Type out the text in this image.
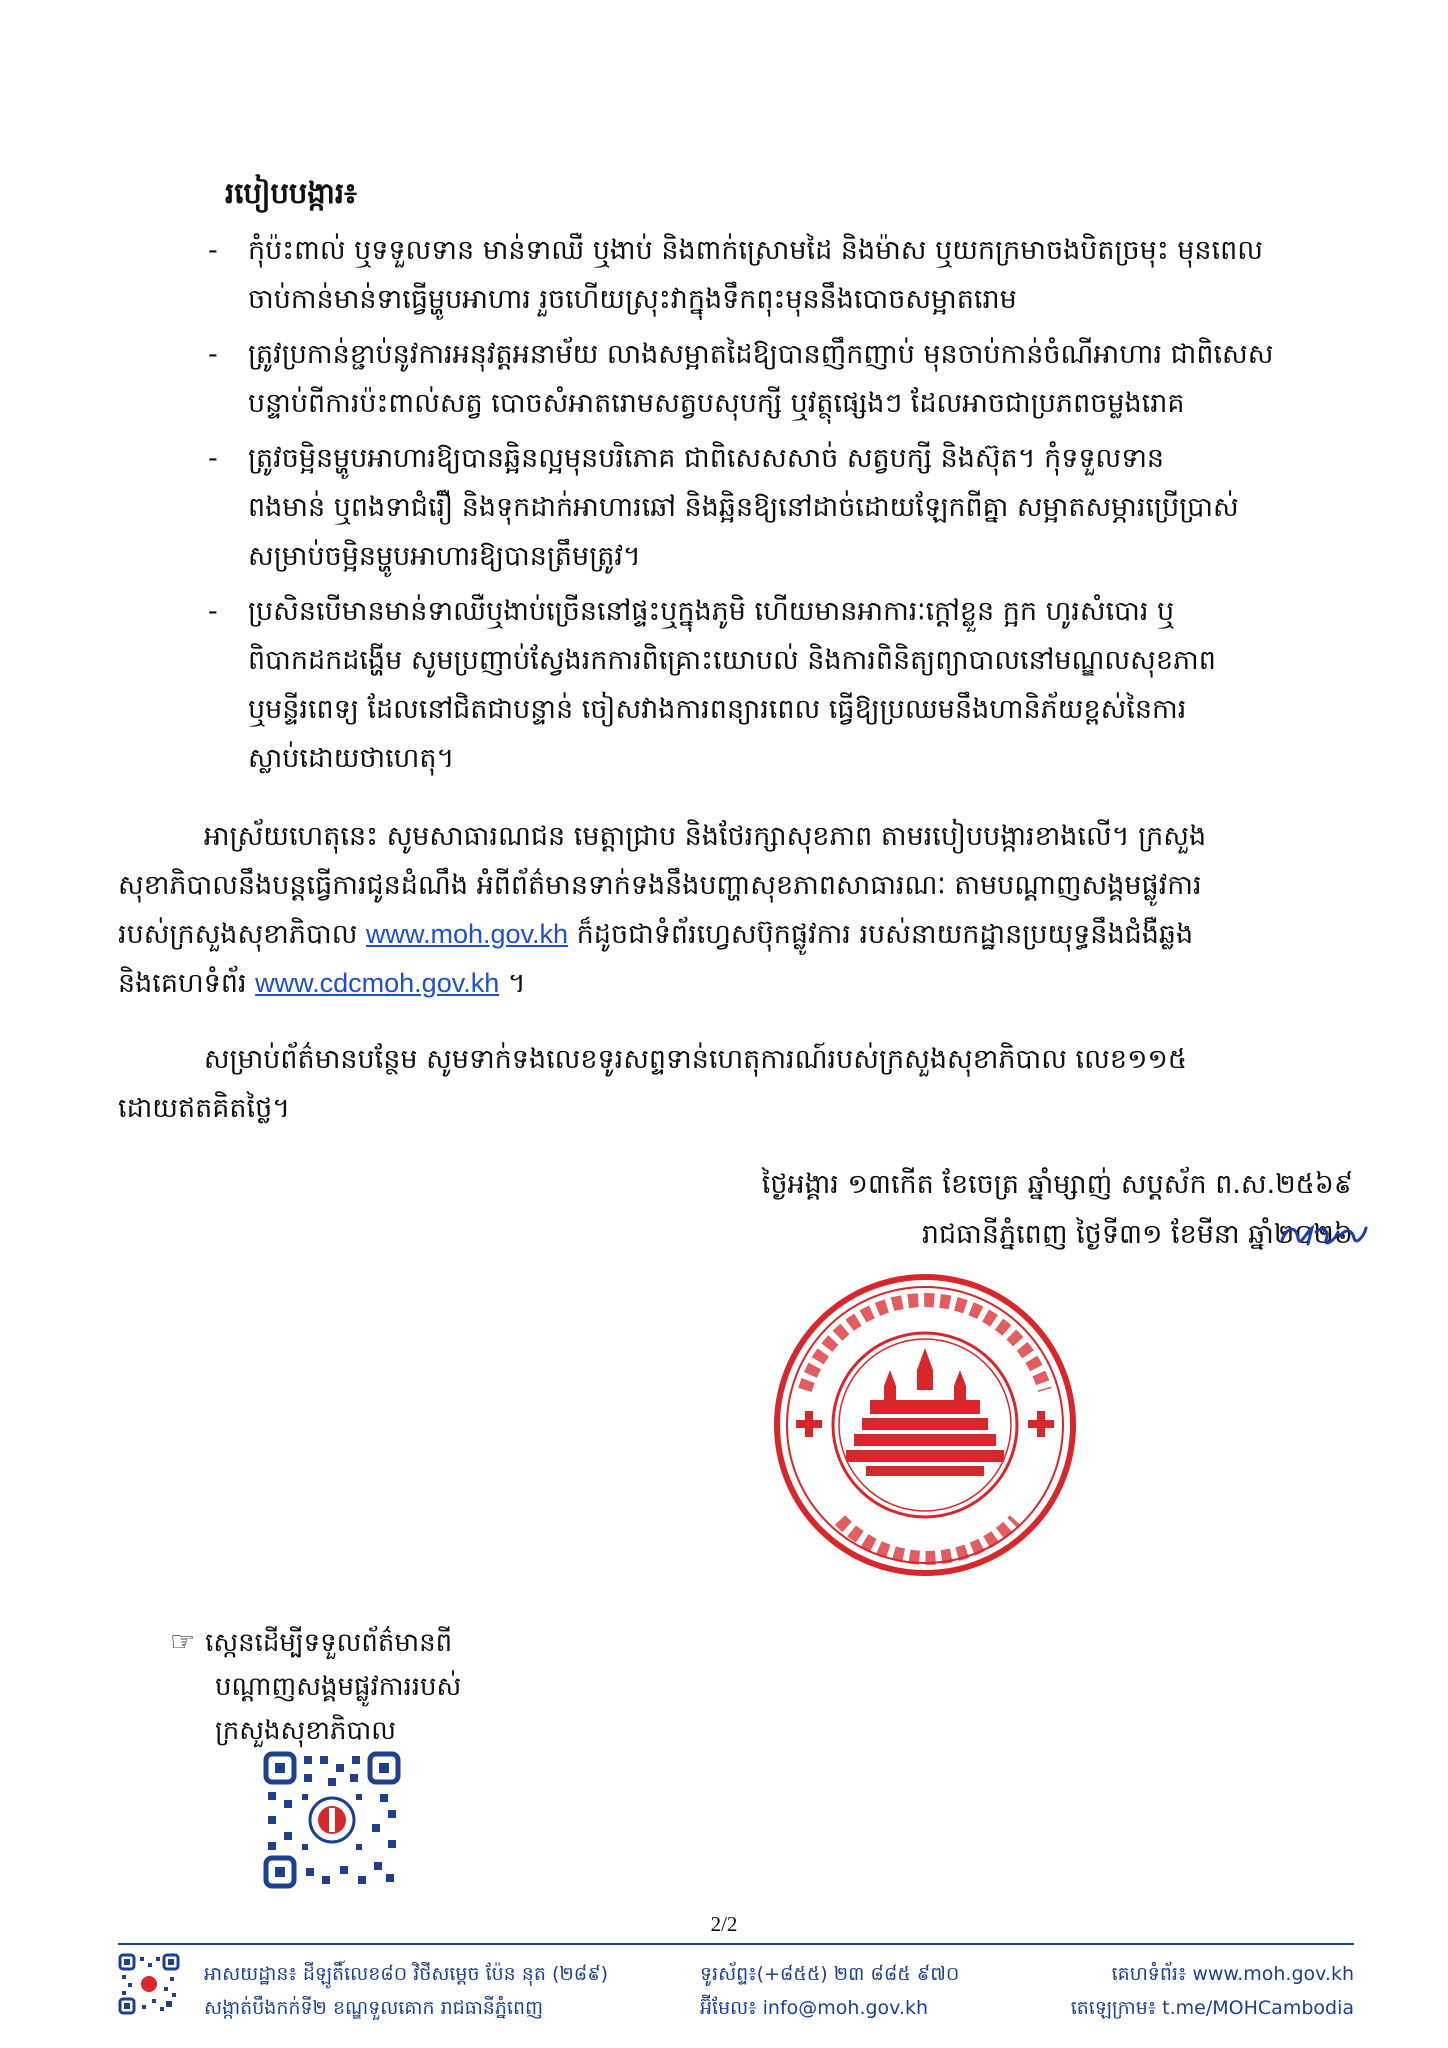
របៀបបង្ការ៖
- កុំប៉ះពាល់ ឬទទួលទាន មាន់ទាឈឺ ឬងាប់ និងពាក់ស្រោមដៃ និងម៉ាស ឬយកក្រមាចងបិតច្រមុះ មុនពេល
ចាប់កាន់មាន់ទាធ្វើម្ហូបអាហារ រួចហើយស្រុះវាក្នុងទឹកពុះមុននឹងបោចសម្អាតរោម
- ត្រូវប្រកាន់ខ្ជាប់នូវការអនុវត្តអនាម័យ លាងសម្អាតដៃឱ្យបានញឹកញាប់ មុនចាប់កាន់ចំណីអាហារ ជាពិសេស
បន្ទាប់ពីការប៉ះពាល់សត្វ បោចសំអាតរោមសត្វបសុបក្សី ឬវត្ថុផ្សេងៗ ដែលអាចជាប្រភពចម្លងរោគ
- ត្រូវចម្អិនម្ហូបអាហារឱ្យបានឆ្អិនល្អមុនបរិភោគ ជាពិសេសសាច់ សត្វបក្សី និងស៊ុត។ កុំទទួលទាន
ពងមាន់ ឬពងទាជំរ៉ឿ និងទុកដាក់អាហារឆៅ និងឆ្អិនឱ្យនៅដាច់ដោយឡែកពីគ្នា សម្អាតសម្ភារប្រើប្រាស់
សម្រាប់ចម្អិនម្ហូបអាហារឱ្យបានត្រឹមត្រូវ។
- ប្រសិនបើមានមាន់ទាឈឺឬងាប់ច្រើននៅផ្ទះឬក្នុងភូមិ ហើយមានអាការៈក្តៅខ្លួន ក្អក ហូរសំបោរ ឬ
ពិបាកដកដង្ហើម សូមប្រញាប់ស្វែងរកការពិគ្រោះយោបល់ និងការពិនិត្យព្យាបាលនៅមណ្ឌលសុខភាព
ឬមន្ទីរពេទ្យ ដែលនៅជិតជាបន្ទាន់ ចៀសវាងការពន្យារពេល ធ្វើឱ្យប្រឈមនឹងហានិភ័យខ្ពស់នៃការ
ស្លាប់ដោយថាហេតុ។
អាស្រ័យហេតុនេះ សូមសាធារណជន មេត្តាជ្រាប និងថែរក្សាសុខភាព តាមរបៀបបង្ការខាងលើ។ ក្រសួង
សុខាភិបាលនឹងបន្តធ្វើការជូនដំណឹង អំពីព័ត៌មានទាក់ទងនឹងបញ្ហាសុខភាពសាធារណៈ តាមបណ្តាញសង្គមផ្លូវការ
របស់ក្រសួងសុខាភិបាល www.moh.gov.kh ក៏ដូចជាទំព័រហ្វេសប៊ុកផ្លូវការ របស់នាយកដ្ឋានប្រយុទ្ធនឹងជំងឺឆ្លង
និងគេហទំព័រ www.cdcmoh.gov.kh ។
សម្រាប់ព័ត៌មានបន្ថែម សូមទាក់ទងលេខទូរសព្ទទាន់ហេតុការណ៍របស់ក្រសួងសុខាភិបាល លេខ១១៥
ដោយឥតគិតថ្លៃ។
ថ្ងៃអង្គារ ១៣កើត ខែចេត្រ ឆ្នាំម្សាញ់ សប្តស័ក ព.ស.២៥៦៩
រាជធានីភ្នំពេញ ថ្ងៃទី៣១ ខែមីនា ឆ្នាំ២០២៦
☞ ស្កេនដើម្បីទទួលព័ត៌មានពី
បណ្តាញសង្គមផ្លូវការរបស់
ក្រសួងសុខាភិបាល
2/2
អាសយដ្ឋាន៖ ដីឡូតិ៍លេខ៨០ វិថីសម្តេច ប៉ែន នុត (២៨៩)
សង្កាត់បឹងកក់ទី២ ខណ្ឌទួលគោក រាជធានីភ្នំពេញ
ទូរស័ព្ទ៖(+៨៥៥) ២៣ ៨៨៥ ៩៧០
អ៊ីមែល៖ info@moh.gov.kh
គេហទំព័រ៖ www.moh.gov.kh
តេឡេក្រាម៖ t.me/MOHCambodia
